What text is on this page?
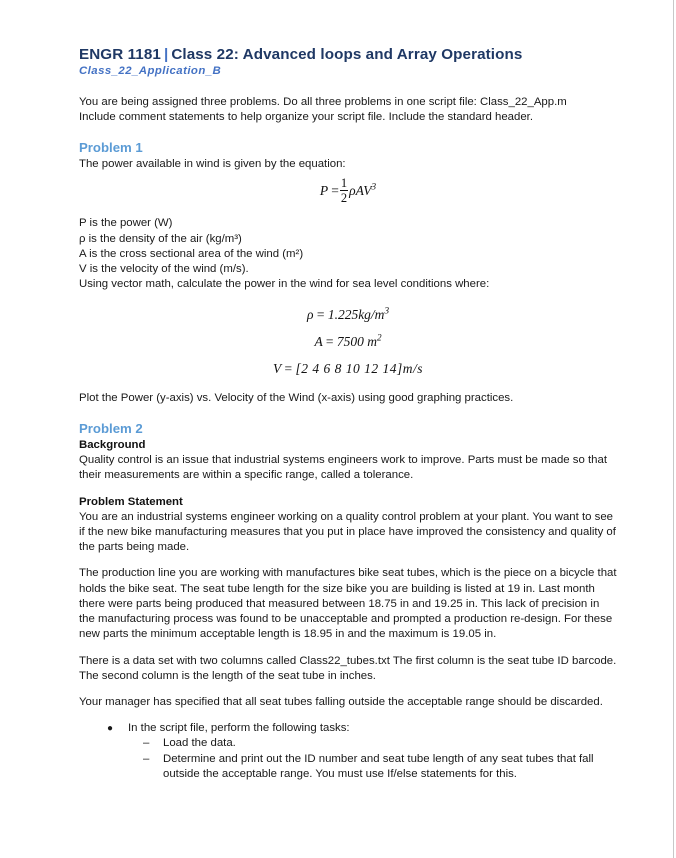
ENGR 1181 | Class 22: Advanced loops and Array Operations
Class_22_Application_B
You are being assigned three problems. Do all three problems in one script file: Class_22_App.m
Include comment statements to help organize your script file. Include the standard header.
Problem 1

The power available in wind is given by the equation:

$P = \frac{1}{2} \rho AV^3$
P is the power (W)
ρ is the density of the air (kg/m³)
A is the cross sectional area of the wind (m²)
V is the velocity of the wind (m/s).
Using vector math, calculate the power in the wind for sea level conditions where:
$\rho = 1.225kg/m^3$
A = 7500 $m^2$
V = [2 4 6 8 10 12 14]m/s

Plot the Power (y-axis) vs. Velocity of the Wind (x-axis) using good graphing practices.

Problem 2
Background

Quality control is an issue that industrial systems engineers work to improve. Parts must be made so that their measurements are within a specific range, called a tolerance.

Problem Statement

You are an industrial systems engineer working on a quality control problem at your plant. You want to see if the new bike manufacturing measures that you put in place have improved the consistency and quality of the parts being made.

The production line you are working with manufactures bike seat tubes, which is the piece on a bicycle that holds the bike seat. The seat tube length for the size bike you are building is listed at 19 in. Last month there were parts being produced that measured between 18.75 in and 19.25 in. This lack of precision in the manufacturing process was found to be unacceptable and prompted a production re-design. For these new parts the minimum acceptable length is 18.95 in and the maximum is 19.05 in.

There is a data set with two columns called Class22_tubes.txt The first column is the seat tube ID barcode. The second column is the length of the seat tube in inches.

Your manager has specified that all seat tubes falling outside the acceptable range should be discarded.

● In the script file, perform the following tasks:
– Load the data.
– Determine and print out the ID number and seat tube length of any seat tubes that fall outside the acceptable range. You must use If/else statements for this.
